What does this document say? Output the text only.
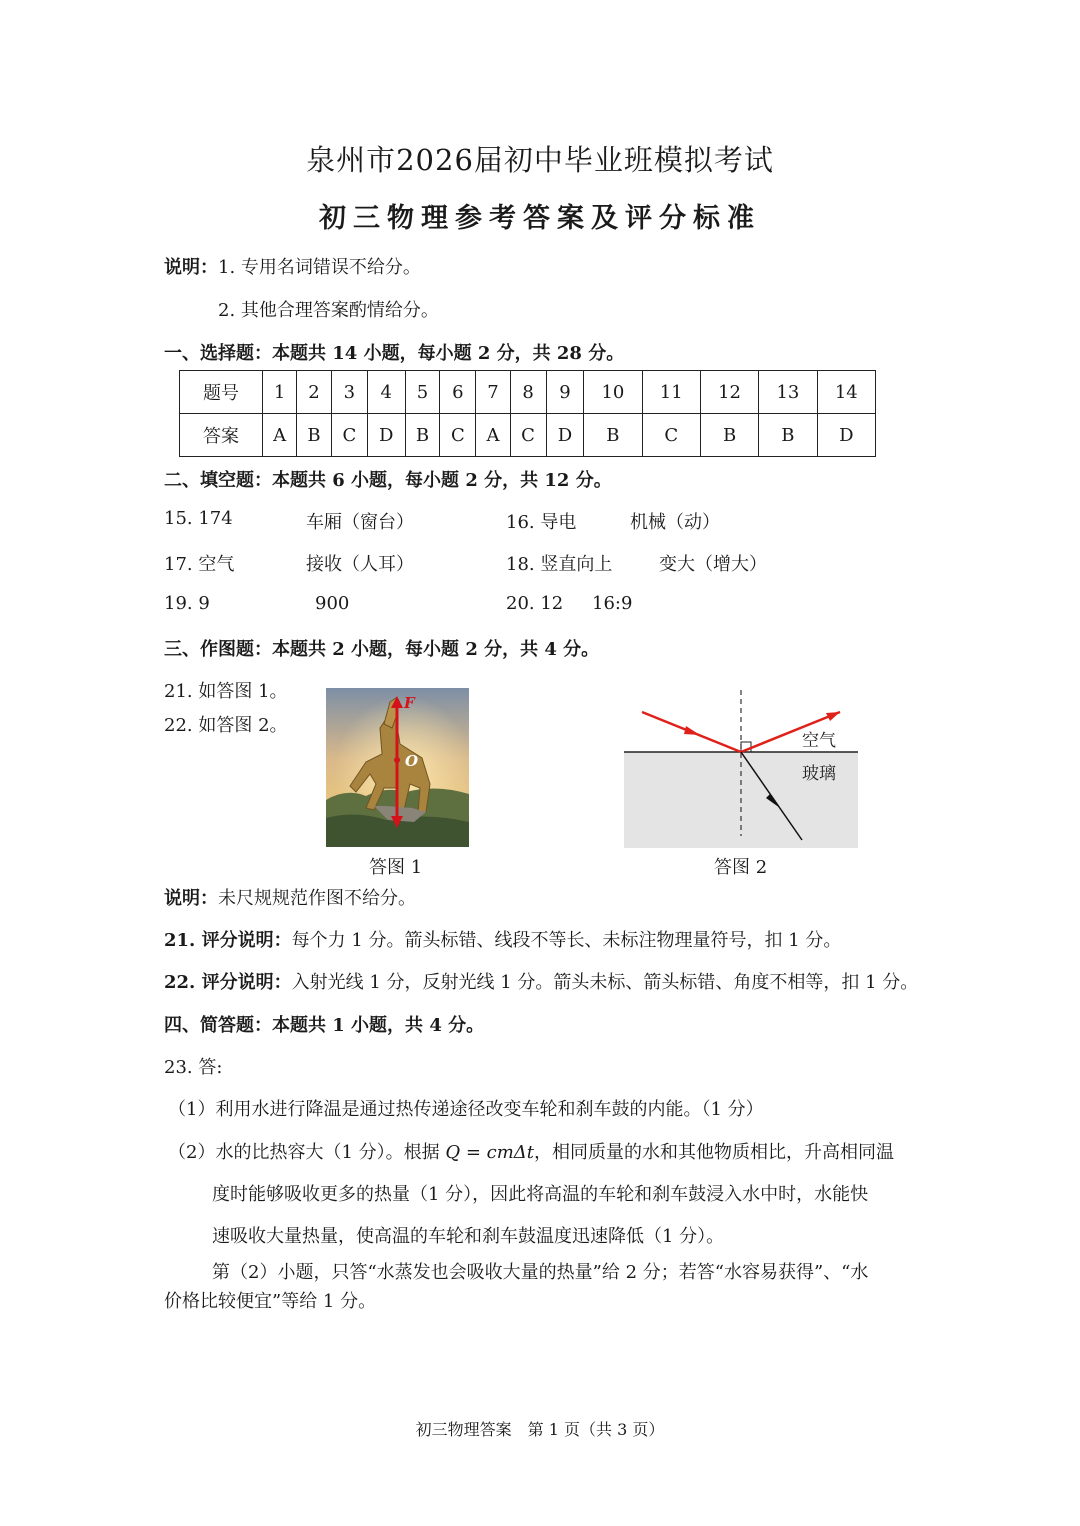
泉州市2026届初中毕业班模拟考试
初三物理参考答案及评分标准
说明：1. 专用名词错误不给分。
2. 其他合理答案酌情给分。
一、选择题：本题共 14 小题，每小题 2 分，共 28 分。
题号	1	2	3	4	5	6	7	8	9	10	11	12	13	14
答案	A	B	C	D	B	C	A	C	D	B	C	B	B	D
二、填空题：本题共 6 小题，每小题 2 分，共 12 分。
15. 174	车厢（窗台）	16. 导电	机械（动）
17. 空气	接收（人耳）	18. 竖直向上	变大（增大）
19. 9	900	20. 12 16:9
三、作图题：本题共 2 小题，每小题 2 分，共 4 分。
21. 如答图 1。
22. 如答图 2。
F
O
答图 1
空气
玻璃
答图 2
说明：未尺规规范作图不给分。
21. 评分说明：每个力 1 分。箭头标错、线段不等长、未标注物理量符号，扣 1 分。
22. 评分说明：入射光线 1 分，反射光线 1 分。箭头未标、箭头标错、角度不相等，扣 1 分。
四、简答题：本题共 1 小题，共 4 分。
23. 答:
（1）利用水进行降温是通过热传递途径改变车轮和刹车鼓的内能。（1 分）
（2）水的比热容大（1 分）。根据 Q = cmΔt，相同质量的水和其他物质相比，升高相同温
度时能够吸收更多的热量（1 分），因此将高温的车轮和刹车鼓浸入水中时，水能快
速吸收大量热量，使高温的车轮和刹车鼓温度迅速降低（1 分）。
第（2）小题，只答“水蒸发也会吸收大量的热量”给 2 分；若答“水容易获得”、“水
价格比较便宜”等给 1 分。
初三物理答案　第 1 页（共 3 页）
